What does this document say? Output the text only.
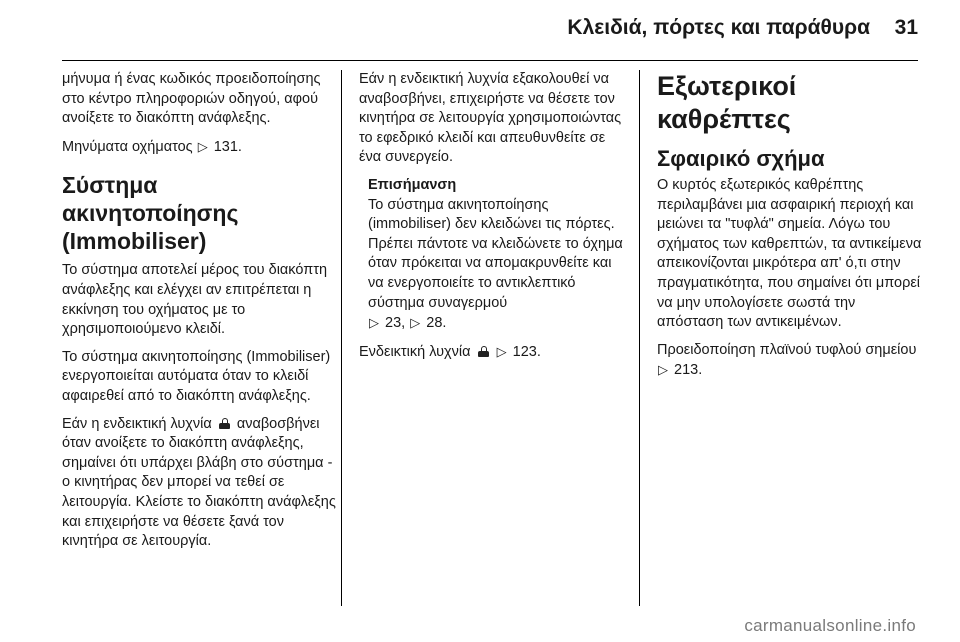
Κλειδιά, πόρτες και παράθυρα 31

μήνυμα ή ένας κωδικός προειδοποίησης στο κέντρο πληροφοριών οδηγού, αφού ανοίξετε το διακόπτη ανάφλεξης.

Μηνύματα οχήματος ▷ 131.

Σύστημα ακινητοποίησης (Immobiliser)

Το σύστημα αποτελεί μέρος του διακόπτη ανάφλεξης και ελέγχει αν επιτρέπεται η εκκίνηση του οχήματος με το χρησιμοποιούμενο κλειδί.

Το σύστημα ακινητοποίησης (Immobiliser) ενεργοποιείται αυτόματα όταν το κλειδί αφαιρεθεί από το διακόπτη ανάφλεξης.

Εάν η ενδεικτική λυχνία αναβοσβήνει όταν ανοίξετε το διακόπτη ανάφλεξης, σημαίνει ότι υπάρχει βλάβη στο σύστημα - ο κινητήρας δεν μπορεί να τεθεί σε λειτουργία. Κλείστε το διακόπτη ανάφλεξης και επιχειρήστε να θέσετε ξανά τον κινητήρα σε λειτουργία.

Εάν η ενδεικτική λυχνία εξακολουθεί να αναβοσβήνει, επιχειρήστε να θέσετε τον κινητήρα σε λειτουργία χρησιμοποιώντας το εφεδρικό κλειδί και απευθυνθείτε σε ένα συνεργείο.

Επισήμανση
Το σύστημα ακινητοποίησης (immobiliser) δεν κλειδώνει τις πόρτες. Πρέπει πάντοτε να κλειδώνετε το όχημα όταν πρόκειται να απομακρυνθείτε και να ενεργοποιείτε το αντικλεπτικό σύστημα συναγερμού
▷ 23, ▷ 28.

Ενδεικτική λυχνία ▷ 123.

Εξωτερικοί καθρέπτες
Σφαιρικό σχήμα

Ο κυρτός εξωτερικός καθρέπτης περιλαμβάνει μια ασφαιρική περιοχή και μειώνει τα "τυφλά" σημεία. Λόγω του σχήματος των καθρεπτών, τα αντικείμενα απεικονίζονται μικρότερα απ' ό,τι στην πραγματικότητα, που σημαίνει ότι μπορεί να μην υπολογίσετε σωστά την απόσταση των αντικειμένων.

Προειδοποίηση πλαϊνού τυφλού σημείου ▷ 213.

carmanualsonline.info
